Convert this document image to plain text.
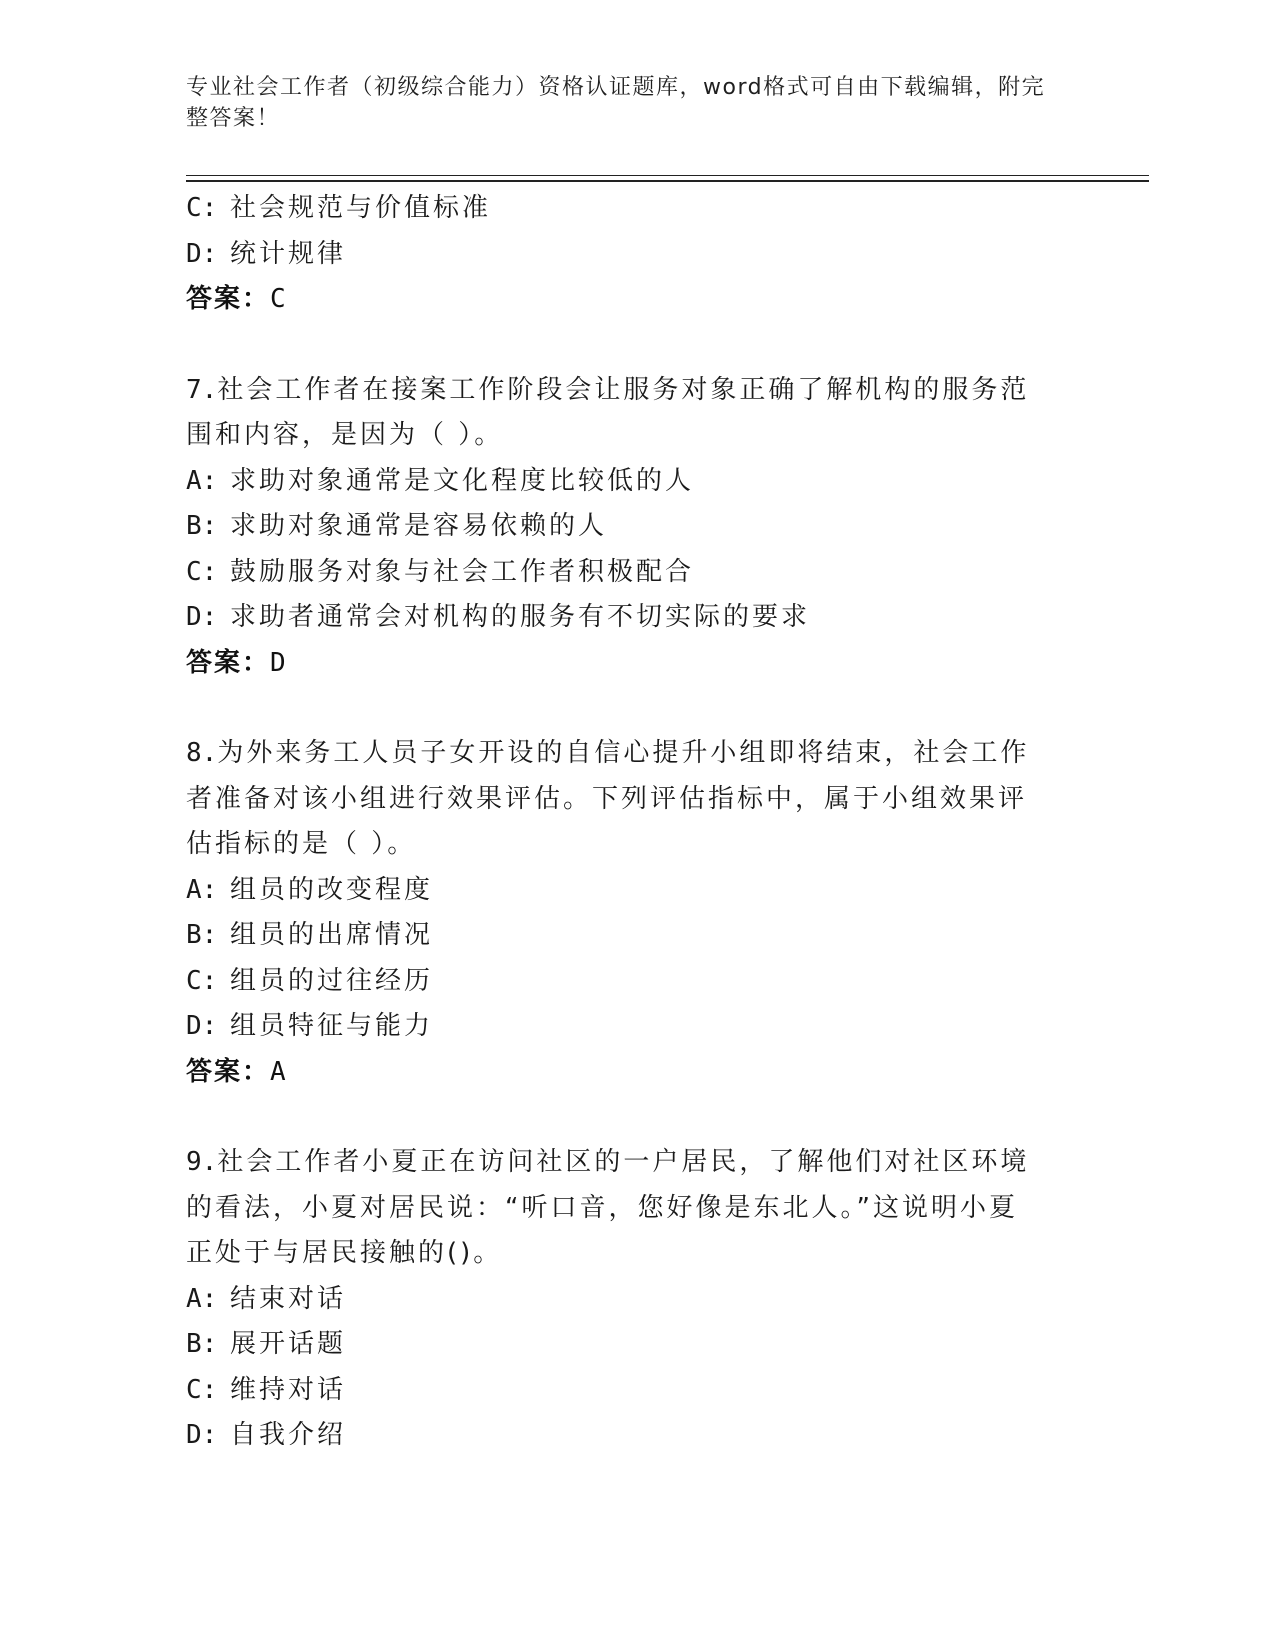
专业社会工作者（初级综合能力）资格认证题库，word格式可自由下载编辑，附完整答案！
C: 社会规范与价值标准
D: 统计规律
答案：C
7.社会工作者在接案工作阶段会让服务对象正确了解机构的服务范围和内容，是因为（ ）。
A: 求助对象通常是文化程度比较低的人
B: 求助对象通常是容易依赖的人
C: 鼓励服务对象与社会工作者积极配合
D: 求助者通常会对机构的服务有不切实际的要求
答案：D
8.为外来务工人员子女开设的自信心提升小组即将结束，社会工作者准备对该小组进行效果评估。下列评估指标中，属于小组效果评估指标的是（ ）。
A: 组员的改变程度
B: 组员的出席情况
C: 组员的过往经历
D: 组员特征与能力
答案：A
9.社会工作者小夏正在访问社区的一户居民，了解他们对社区环境的看法，小夏对居民说：“听口音，您好像是东北人。”这说明小夏正处于与居民接触的()。
A: 结束对话
B: 展开话题
C: 维持对话
D: 自我介绍
